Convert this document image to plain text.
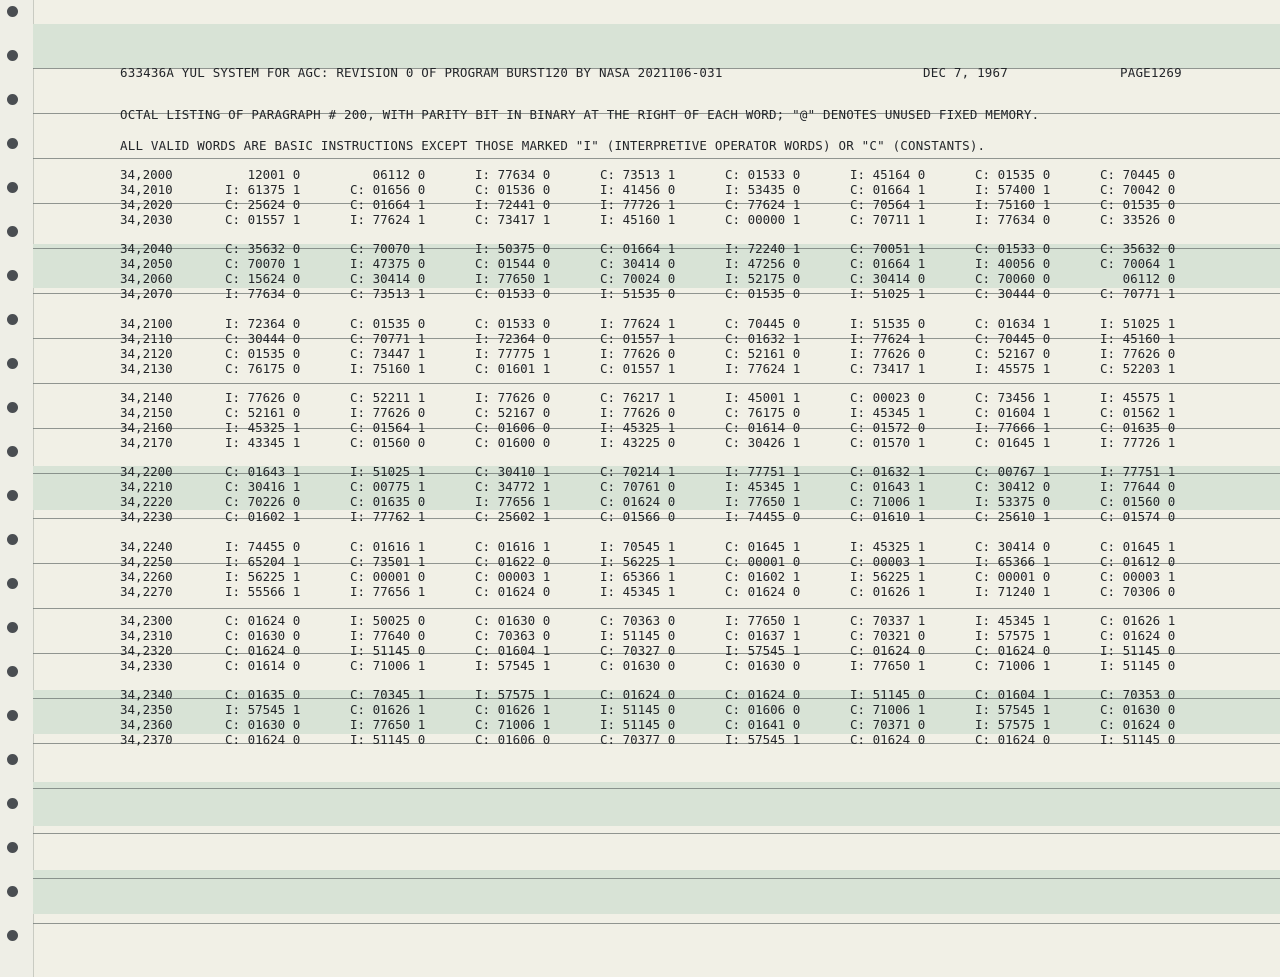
633436A YUL SYSTEM FOR AGC: REVISION 0 OF PROGRAM BURST120 BY NASA 2021106-031

	DEC 7, 1967

	PAGE1269

OCTAL LISTING OF PARAGRAPH # 200, WITH PARITY BIT IN BINARY AT THE RIGHT OF EACH WORD; "@" DENOTES UNUSED FIXED MEMORY.
ALL VALID WORDS ARE BASIC INSTRUCTIONS EXCEPT THOSE MARKED "I" (INTERPRETIVE OPERATOR WORDS) OR "C" (CONSTANTS).
34,2000	12001 0	06112 0	I: 77634 0	C: 73513 1	C: 01533 0	I: 45164 0	C: 01535 0	C: 70445 0
34,2010	I: 61375 1	C: 01656 0	C: 01536 0	I: 41456 0	I: 53435 0	C: 01664 1	I: 57400 1	C: 70042 0
34,2020	C: 25624 0	C: 01664 1	I: 72441 0	I: 77726 1	C: 77624 1	C: 70564 1	I: 75160 1	C: 01535 0
34,2030	C: 01557 1	I: 77624 1	C: 73417 1	I: 45160 1	C: 00000 1	C: 70711 1	I: 77634 0	C: 33526 0
34,2040	C: 35632 0	C: 70070 1	I: 50375 0	C: 01664 1	I: 72240 1	C: 70051 1	C: 01533 0	C: 35632 0
34,2050	C: 70070 1	I: 47375 0	C: 01544 0	C: 30414 0	I: 47256 0	C: 01664 1	I: 40056 0	C: 70064 1
34,2060	C: 15624 0	C: 30414 0	I: 77650 1	C: 70024 0	I: 52175 0	C: 30414 0	C: 70060 0	06112 0
34,2070	I: 77634 0	C: 73513 1	C: 01533 0	I: 51535 0	C: 01535 0	I: 51025 1	C: 30444 0	C: 70771 1
34,2100	I: 72364 0	C: 01535 0	C: 01533 0	I: 77624 1	C: 70445 0	I: 51535 0	C: 01634 1	I: 51025 1
34,2110	C: 30444 0	C: 70771 1	I: 72364 0	C: 01557 1	C: 01632 1	I: 77624 1	C: 70445 0	I: 45160 1
34,2120	C: 01535 0	C: 73447 1	I: 77775 1	I: 77626 0	C: 52161 0	I: 77626 0	C: 52167 0	I: 77626 0
34,2130	C: 76175 0	I: 75160 1	C: 01601 1	C: 01557 1	I: 77624 1	C: 73417 1	I: 45575 1	C: 52203 1
34,2140	I: 77626 0	C: 52211 1	I: 77626 0	C: 76217 1	I: 45001 1	C: 00023 0	C: 73456 1	I: 45575 1
34,2150	C: 52161 0	I: 77626 0	C: 52167 0	I: 77626 0	C: 76175 0	I: 45345 1	C: 01604 1	C: 01562 1
34,2160	I: 45325 1	C: 01564 1	C: 01606 0	I: 45325 1	C: 01614 0	C: 01572 0	I: 77666 1	C: 01635 0
34,2170	I: 43345 1	C: 01560 0	C: 01600 0	I: 43225 0	C: 30426 1	C: 01570 1	C: 01645 1	I: 77726 1
34,2200	C: 01643 1	I: 51025 1	C: 30410 1	C: 70214 1	I: 77751 1	C: 01632 1	C: 00767 1	I: 77751 1
34,2210	C: 30416 1	C: 00775 1	C: 34772 1	C: 70761 0	I: 45345 1	C: 01643 1	C: 30412 0	I: 77644 0
34,2220	C: 70226 0	C: 01635 0	I: 77656 1	C: 01624 0	I: 77650 1	C: 71006 1	I: 53375 0	C: 01560 0
34,2230	C: 01602 1	I: 77762 1	C: 25602 1	C: 01566 0	I: 74455 0	C: 01610 1	C: 25610 1	C: 01574 0
34,2240	I: 74455 0	C: 01616 1	C: 01616 1	I: 70545 1	C: 01645 1	I: 45325 1	C: 30414 0	C: 01645 1
34,2250	I: 65204 1	C: 73501 1	C: 01622 0	I: 56225 1	C: 00001 0	C: 00003 1	I: 65366 1	C: 01612 0
34,2260	I: 56225 1	C: 00001 0	C: 00003 1	I: 65366 1	C: 01602 1	I: 56225 1	C: 00001 0	C: 00003 1
34,2270	I: 55566 1	I: 77656 1	C: 01624 0	I: 45345 1	C: 01624 0	C: 01626 1	I: 71240 1	C: 70306 0
34,2300	C: 01624 0	I: 50025 0	C: 01630 0	C: 70363 0	I: 77650 1	C: 70337 1	I: 45345 1	C: 01626 1
34,2310	C: 01630 0	I: 77640 0	C: 70363 0	I: 51145 0	C: 01637 1	C: 70321 0	I: 57575 1	C: 01624 0
34,2320	C: 01624 0	I: 51145 0	C: 01604 1	C: 70327 0	I: 57545 1	C: 01624 0	C: 01624 0	I: 51145 0
34,2330	C: 01614 0	C: 71006 1	I: 57545 1	C: 01630 0	C: 01630 0	I: 77650 1	C: 71006 1	I: 51145 0
34,2340	C: 01635 0	C: 70345 1	I: 57575 1	C: 01624 0	C: 01624 0	I: 51145 0	C: 01604 1	C: 70353 0
34,2350	I: 57545 1	C: 01626 1	C: 01626 1	I: 51145 0	C: 01606 0	C: 71006 1	I: 57545 1	C: 01630 0
34,2360	C: 01630 0	I: 77650 1	C: 71006 1	I: 51145 0	C: 01641 0	C: 70371 0	I: 57575 1	C: 01624 0
34,2370	C: 01624 0	I: 51145 0	C: 01606 0	C: 70377 0	I: 57545 1	C: 01624 0	C: 01624 0	I: 51145 0
